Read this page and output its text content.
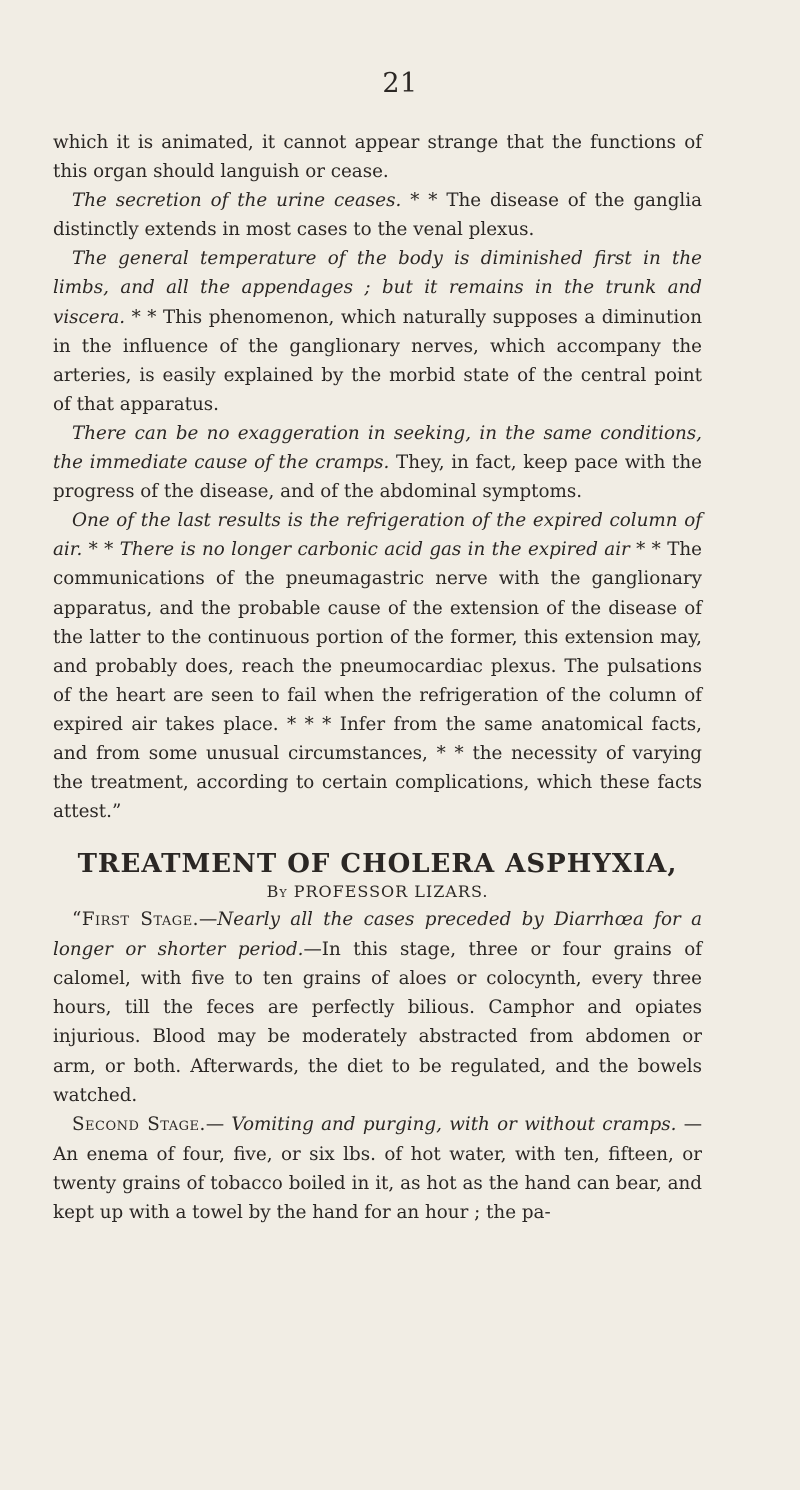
21

which it is animated, it cannot appear strange that the functions of this organ should languish or cease.

The secretion of the urine ceases. * * The disease of the ganglia distinctly extends in most cases to the venal plexus.

The general temperature of the body is diminished first in the limbs, and all the appendages ; but it remains in the trunk and viscera. * * This phenomenon, which naturally supposes a diminution in the influence of the ganglionary nerves, which accompany the arteries, is easily explained by the morbid state of the central point of that apparatus.

There can be no exaggeration in seeking, in the same conditions, the immediate cause of the cramps. They, in fact, keep pace with the progress of the disease, and of the abdominal symptoms.

One of the last results is the refrigeration of the expired column of air. * * There is no longer carbonic acid gas in the expired air * * The communications of the pneumagastric nerve with the ganglionary apparatus, and the probable cause of the extension of the disease of the latter to the continuous portion of the former, this extension may, and probably does, reach the pneumocardiac plexus. The pulsations of the heart are seen to fail when the refrigeration of the column of expired air takes place. * * * Infer from the same anatomical facts, and from some unusual circumstances, * * the necessity of varying the treatment, according to certain complications, which these facts attest.”

TREATMENT OF CHOLERA ASPHYXIA,
By PROFESSOR LIZARS.

“First Stage.—Nearly all the cases preceded by Diarrhœa for a longer or shorter period.—In this stage, three or four grains of calomel, with five to ten grains of aloes or colocynth, every three hours, till the feces are perfectly bilious. Camphor and opiates injurious. Blood may be moderately abstracted from abdomen or arm, or both. Afterwards, the diet to be regulated, and the bowels watched.

Second Stage.— Vomiting and purging, with or without cramps. —An enema of four, five, or six lbs. of hot water, with ten, fifteen, or twenty grains of tobacco boiled in it, as hot as the hand can bear, and kept up with a towel by the hand for an hour ; the pa-
